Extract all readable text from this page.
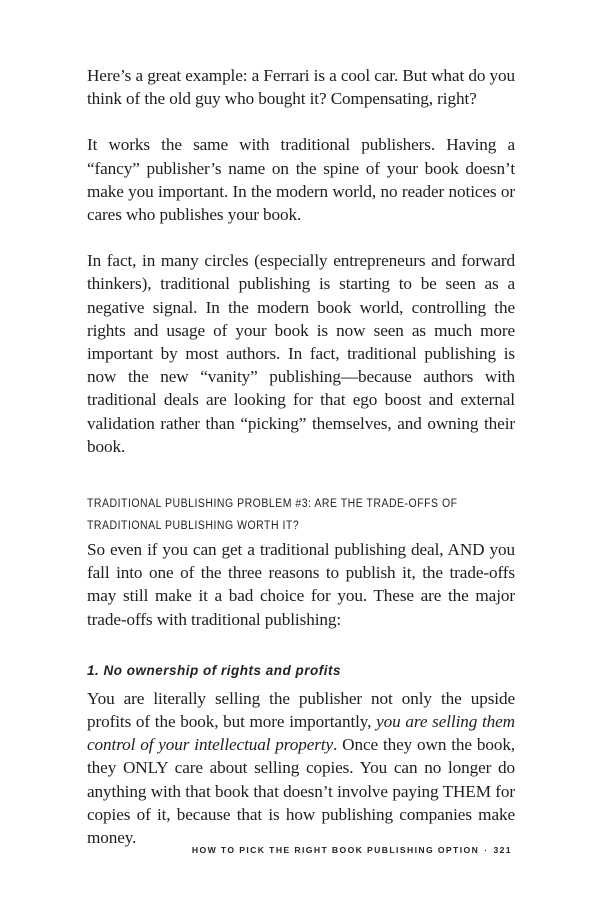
Here’s a great example: a Ferrari is a cool car. But what do you think of the old guy who bought it? Compensating, right?

It works the same with traditional publishers. Having a “fancy” publisher’s name on the spine of your book doesn’t make you important. In the modern world, no reader notices or cares who publishes your book.

In fact, in many circles (especially entrepreneurs and forward thinkers), traditional publishing is starting to be seen as a negative signal. In the modern book world, controlling the rights and usage of your book is now seen as much more important by most authors. In fact, traditional publishing is now the new “vanity” publishing—because authors with traditional deals are looking for that ego boost and external validation rather than “picking” themselves, and owning their book.

TRADITIONAL PUBLISHING PROBLEM #3: ARE THE TRADE-OFFS OF TRADITIONAL PUBLISHING WORTH IT?

So even if you can get a traditional publishing deal, AND you fall into one of the three reasons to publish it, the trade-offs may still make it a bad choice for you. These are the major trade-offs with traditional publishing:

1. No ownership of rights and profits

You are literally selling the publisher not only the upside profits of the book, but more importantly, you are selling them control of your intellectual property. Once they own the book, they ONLY care about selling copies. You can no longer do anything with that book that doesn’t involve paying THEM for copies of it, because that is how publishing companies make money.

HOW TO PICK THE RIGHT BOOK PUBLISHING OPTION · 321
